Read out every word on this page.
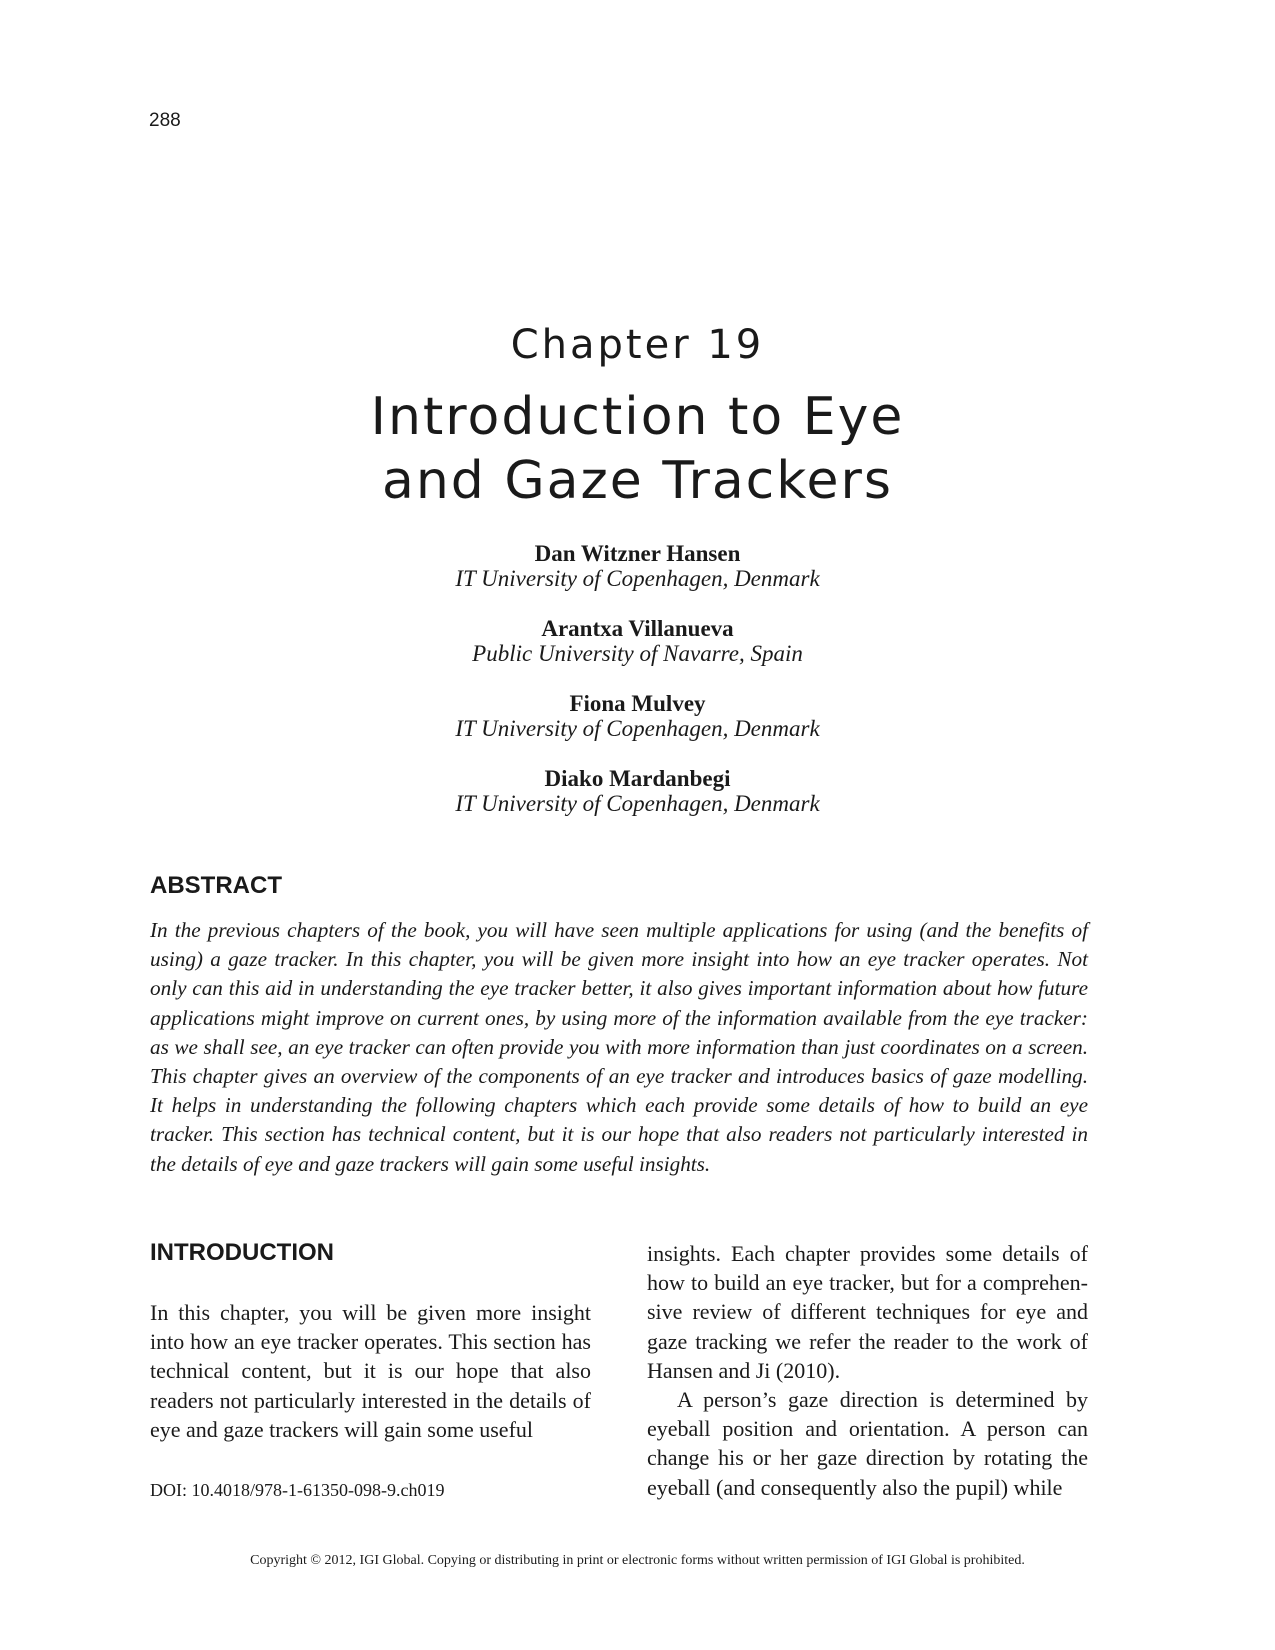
288
Chapter 19
Introduction to Eye
and Gaze Trackers
Dan Witzner Hansen
IT University of Copenhagen, Denmark
Arantxa Villanueva
Public University of Navarre, Spain
Fiona Mulvey
IT University of Copenhagen, Denmark
Diako Mardanbegi
IT University of Copenhagen, Denmark
ABSTRACT
In the previous chapters of the book, you will have seen multiple applications for using (and the benefits of using) a gaze tracker. In this chapter, you will be given more insight into how an eye tracker operates. Not only can this aid in understanding the eye tracker better, it also gives important information about how future applications might improve on current ones, by using more of the information available from the eye tracker: as we shall see, an eye tracker can often provide you with more information than just coordinates on a screen. This chapter gives an overview of the components of an eye tracker and introduces basics of gaze modelling. It helps in understanding the following chapters which each provide some details of how to build an eye tracker. This section has technical content, but it is our hope that also readers not particularly interested in the details of eye and gaze trackers will gain some useful insights.
INTRODUCTION
In this chapter, you will be given more insight into how an eye tracker operates. This section has technical content, but it is our hope that also readers not particularly interested in the details of eye and gaze trackers will gain some useful

insights. Each chapter provides some details of how to build an eye tracker, but for a comprehensive review of different techniques for eye and gaze tracking we refer the reader to the work of Hansen and Ji (2010).

A person’s gaze direction is determined by eyeball position and orientation. A person can change his or her gaze direction by rotating the eyeball (and consequently also the pupil) while

DOI: 10.4018/978-1-61350-098-9.ch019
Copyright © 2012, IGI Global. Copying or distributing in print or electronic forms without written permission of IGI Global is prohibited.
